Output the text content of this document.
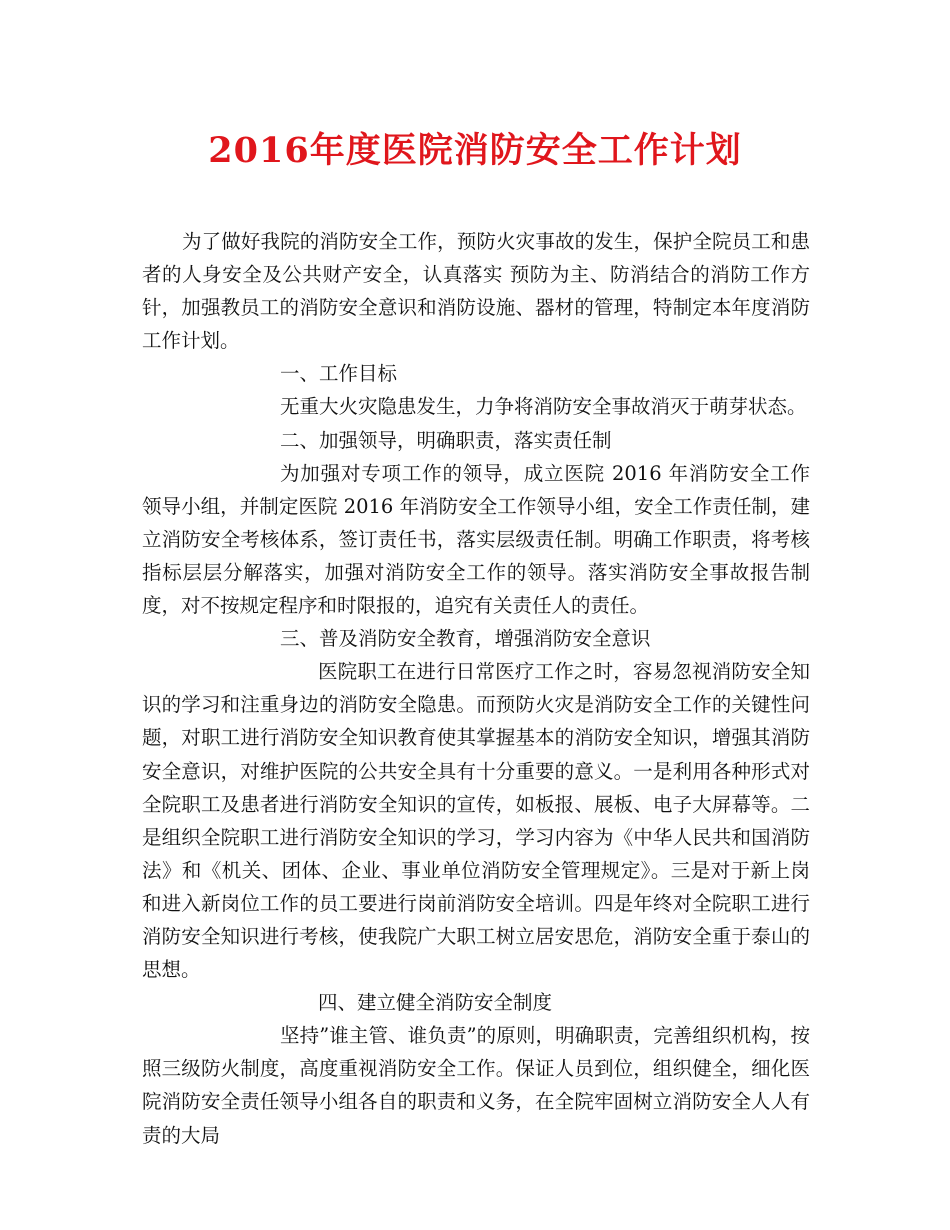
2016年度医院消防安全工作计划

为了做好我院的消防安全工作，预防火灾事故的发生，保护全院员工和患者的人身安全及公共财产安全，认真落实 预防为主、防消结合的消防工作方针，加强教员工的消防安全意识和消防设施、器材的管理，特制定本年度消防工作计划。

一、工作目标

无重大火灾隐患发生，力争将消防安全事故消灭于萌芽状态。

二、加强领导，明确职责，落实责任制

为加强对专项工作的领导，成立医院 2016 年消防安全工作领导小组，并制定医院 2016 年消防安全工作领导小组，安全工作责任制，建立消防安全考核体系，签订责任书，落实层级责任制。明确工作职责，将考核指标层层分解落实，加强对消防安全工作的领导。落实消防安全事故报告制度，对不按规定程序和时限报的，追究有关责任人的责任。

三、普及消防安全教育，增强消防安全意识

医院职工在进行日常医疗工作之时，容易忽视消防安全知识的学习和注重身边的消防安全隐患。而预防火灾是消防安全工作的关键性问题，对职工进行消防安全知识教育使其掌握基本的消防安全知识，增强其消防安全意识，对维护医院的公共安全具有十分重要的意义。一是利用各种形式对全院职工及患者进行消防安全知识的宣传，如板报、展板、电子大屏幕等。二是组织全院职工进行消防安全知识的学习，学习内容为《中华人民共和国消防法》和《机关、团体、企业、事业单位消防安全管理规定》。三是对于新上岗和进入新岗位工作的员工要进行岗前消防安全培训。四是年终对全院职工进行消防安全知识进行考核，使我院广大职工树立居安思危，消防安全重于泰山的思想。

四、建立健全消防安全制度

坚持”谁主管、谁负责”的原则，明确职责，完善组织机构，按照三级防火制度，高度重视消防安全工作。保证人员到位，组织健全，细化医院消防安全责任领导小组各自的职责和义务，在全院牢固树立消防安全人人有责的大局
